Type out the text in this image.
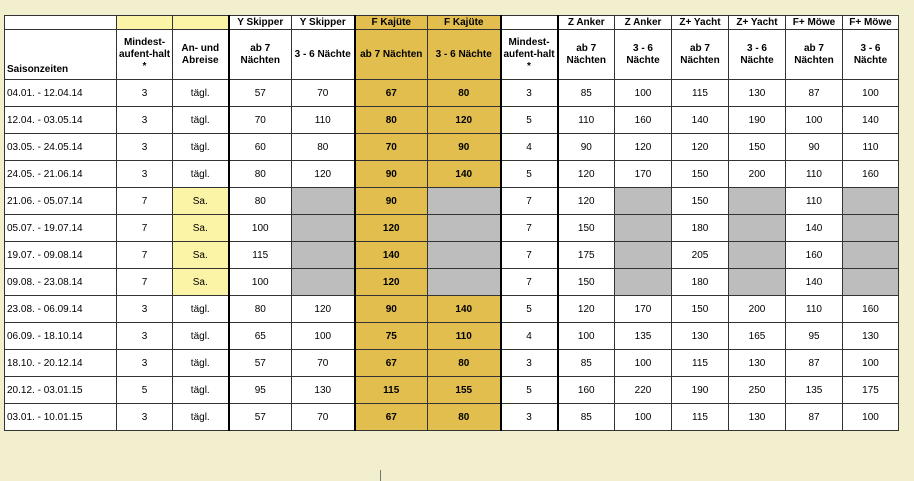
			Y Skipper	Y Skipper	F Kajüte	F Kajüte		Z Anker	Z Anker	Z+ Yacht	Z+ Yacht	F+ Möwe	F+ Möwe
Saisonzeiten	Mindest-aufent-halt *	An- und Abreise	ab 7 Nächten	3 - 6 Nächte	ab 7 Nächten	3 - 6 Nächte	Mindest-aufent-halt *	ab 7 Nächten	3 - 6 Nächte	ab 7 Nächten	3 - 6 Nächte	ab 7 Nächten	3 - 6 Nächte
04.01. - 12.04.14	3	tägl.	57	70	67	80	3	85	100	115	130	87	100
12.04. - 03.05.14	3	tägl.	70	110	80	120	5	110	160	140	190	100	140
03.05. - 24.05.14	3	tägl.	60	80	70	90	4	90	120	120	150	90	110
24.05. - 21.06.14	3	tägl.	80	120	90	140	5	120	170	150	200	110	160
21.06. - 05.07.14	7	Sa.	80		90		7	120		150		110	
05.07. - 19.07.14	7	Sa.	100		120		7	150		180		140	
19.07. - 09.08.14	7	Sa.	115		140		7	175		205		160	
09.08. - 23.08.14	7	Sa.	100		120		7	150		180		140	
23.08. - 06.09.14	3	tägl.	80	120	90	140	5	120	170	150	200	110	160
06.09. - 18.10.14	3	tägl.	65	100	75	110	4	100	135	130	165	95	130
18.10. - 20.12.14	3	tägl.	57	70	67	80	3	85	100	115	130	87	100
20.12. - 03.01.15	5	tägl.	95	130	115	155	5	160	220	190	250	135	175
03.01. - 10.01.15	3	tägl.	57	70	67	80	3	85	100	115	130	87	100
